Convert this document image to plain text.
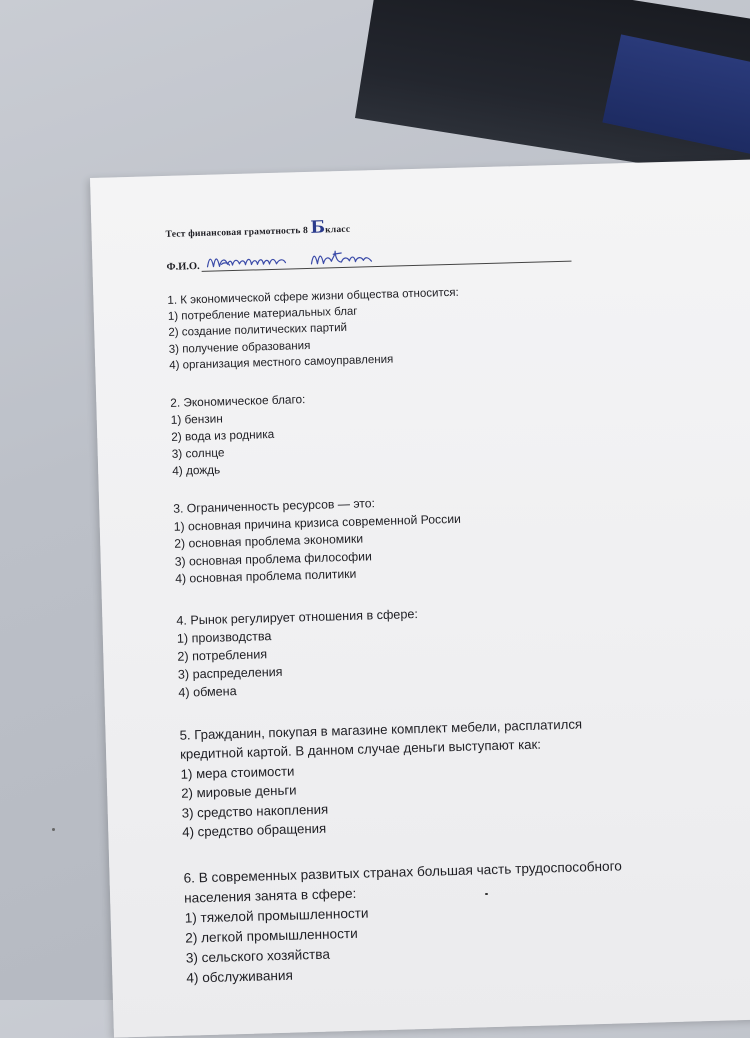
Тест финансовая грамотность 8 Б класс
Ф.И.О.
1. К экономической сфере жизни общества относится:
1) потребление материальных благ
2) создание политических партий
3) получение образования
4) организация местного самоуправления
2. Экономическое благо:
1) бензин
2) вода из родника
3) солнце
4) дождь
3. Ограниченность ресурсов — это:
1) основная причина кризиса современной России
2) основная проблема экономики
3) основная проблема философии
4) основная проблема политики
4. Рынок регулирует отношения в сфере:
1) производства
2) потребления
3) распределения
4) обмена
5. Гражданин, покупая в магазине комплект мебели, расплатился
кредитной картой. В данном случае деньги выступают как:
1) мера стоимости
2) мировые деньги
3) средство накопления
4) средство обращения
6. В современных развитых странах большая часть трудоспособного
населения занята в сфере:
1) тяжелой промышленности
2) легкой промышленности
3) сельского хозяйства
4) обслуживания
